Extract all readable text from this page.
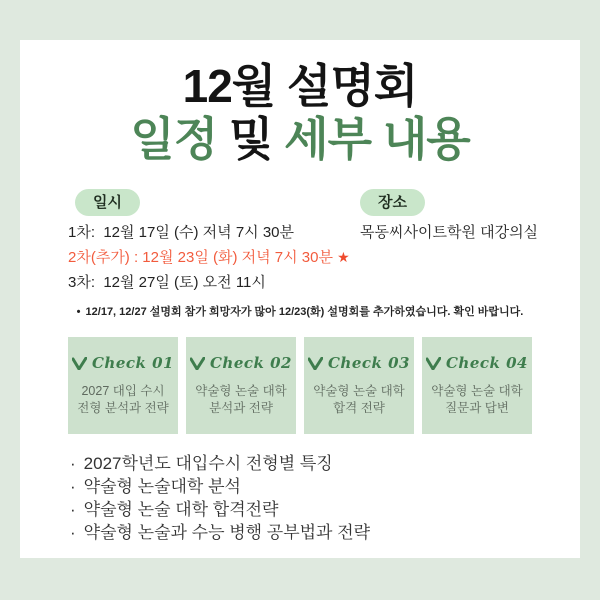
12월 설명회
일정 및 세부 내용
일시	장소
1차:  12월 17일 (수) 저녁 7시 30분
2차(추가) : 12월 23일 (화) 저녁 7시 30분 ★
3차:  12월 27일 (토) 오전 11시
목동씨사이트학원 대강의실
• 12/17, 12/27 설명회 참가 희망자가 많아 12/23(화) 설명회를 추가하였습니다. 확인 바랍니다.
Check 01
2027 대입 수시
전형 분석과 전략
Check 02
약술형 논술 대학
분석과 전략
Check 03
약술형 논술 대학
합격 전략
Check 04
약술형 논술 대학
질문과 답변
· 2027학년도 대입수시 전형별 특징
· 약술형 논술대학 분석
· 약술형 논술 대학 합격전략
· 약술형 논술과 수능 병행 공부법과 전략
